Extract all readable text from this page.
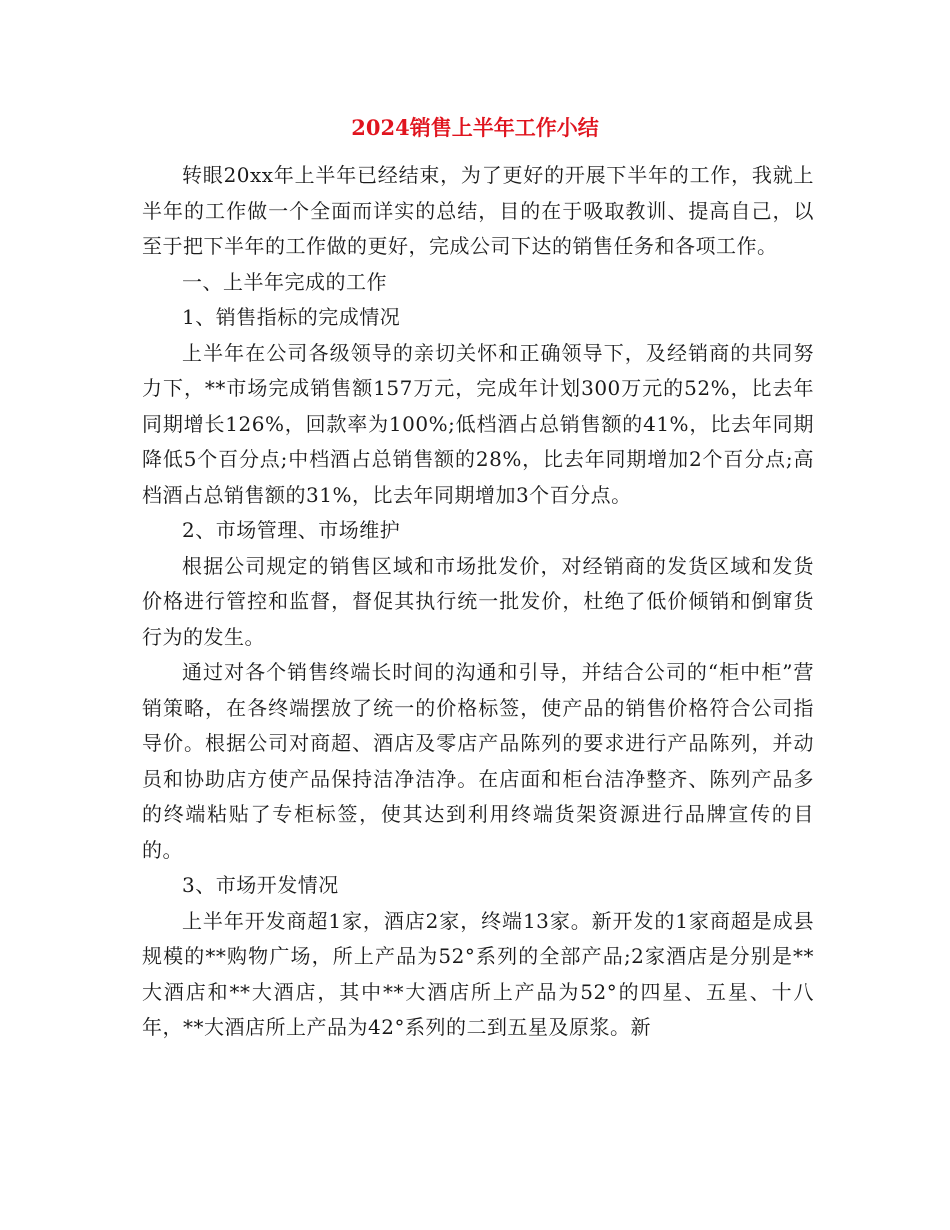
2024销售上半年工作小结

转眼20xx年上半年已经结束，为了更好的开展下半年的工作，我就上半年的工作做一个全面而详实的总结，目的在于吸取教训、提高自己，以至于把下半年的工作做的更好，完成公司下达的销售任务和各项工作。

一、上半年完成的工作

1、销售指标的完成情况

上半年在公司各级领导的亲切关怀和正确领导下，及经销商的共同努力下，**市场完成销售额157万元，完成年计划300万元的52%，比去年同期增长126%，回款率为100%;低档酒占总销售额的41%，比去年同期降低5个百分点;中档酒占总销售额的28%，比去年同期增加2个百分点;高档酒占总销售额的31%，比去年同期增加3个百分点。

2、市场管理、市场维护

根据公司规定的销售区域和市场批发价，对经销商的发货区域和发货价格进行管控和监督，督促其执行统一批发价，杜绝了低价倾销和倒窜货行为的发生。

通过对各个销售终端长时间的沟通和引导，并结合公司的“柜中柜”营销策略，在各终端摆放了统一的价格标签，使产品的销售价格符合公司指导价。根据公司对商超、酒店及零店产品陈列的要求进行产品陈列，并动员和协助店方使产品保持洁净洁净。在店面和柜台洁净整齐、陈列产品多的终端粘贴了专柜标签，使其达到利用终端货架资源进行品牌宣传的目的。

3、市场开发情况

上半年开发商超1家，酒店2家，终端13家。新开发的1家商超是成县规模的**购物广场，所上产品为52°系列的全部产品;2家酒店是分别是**大酒店和**大酒店，其中**大酒店所上产品为52°的四星、五星、十八年，**大酒店所上产品为42°系列的二到五星及原浆。新
